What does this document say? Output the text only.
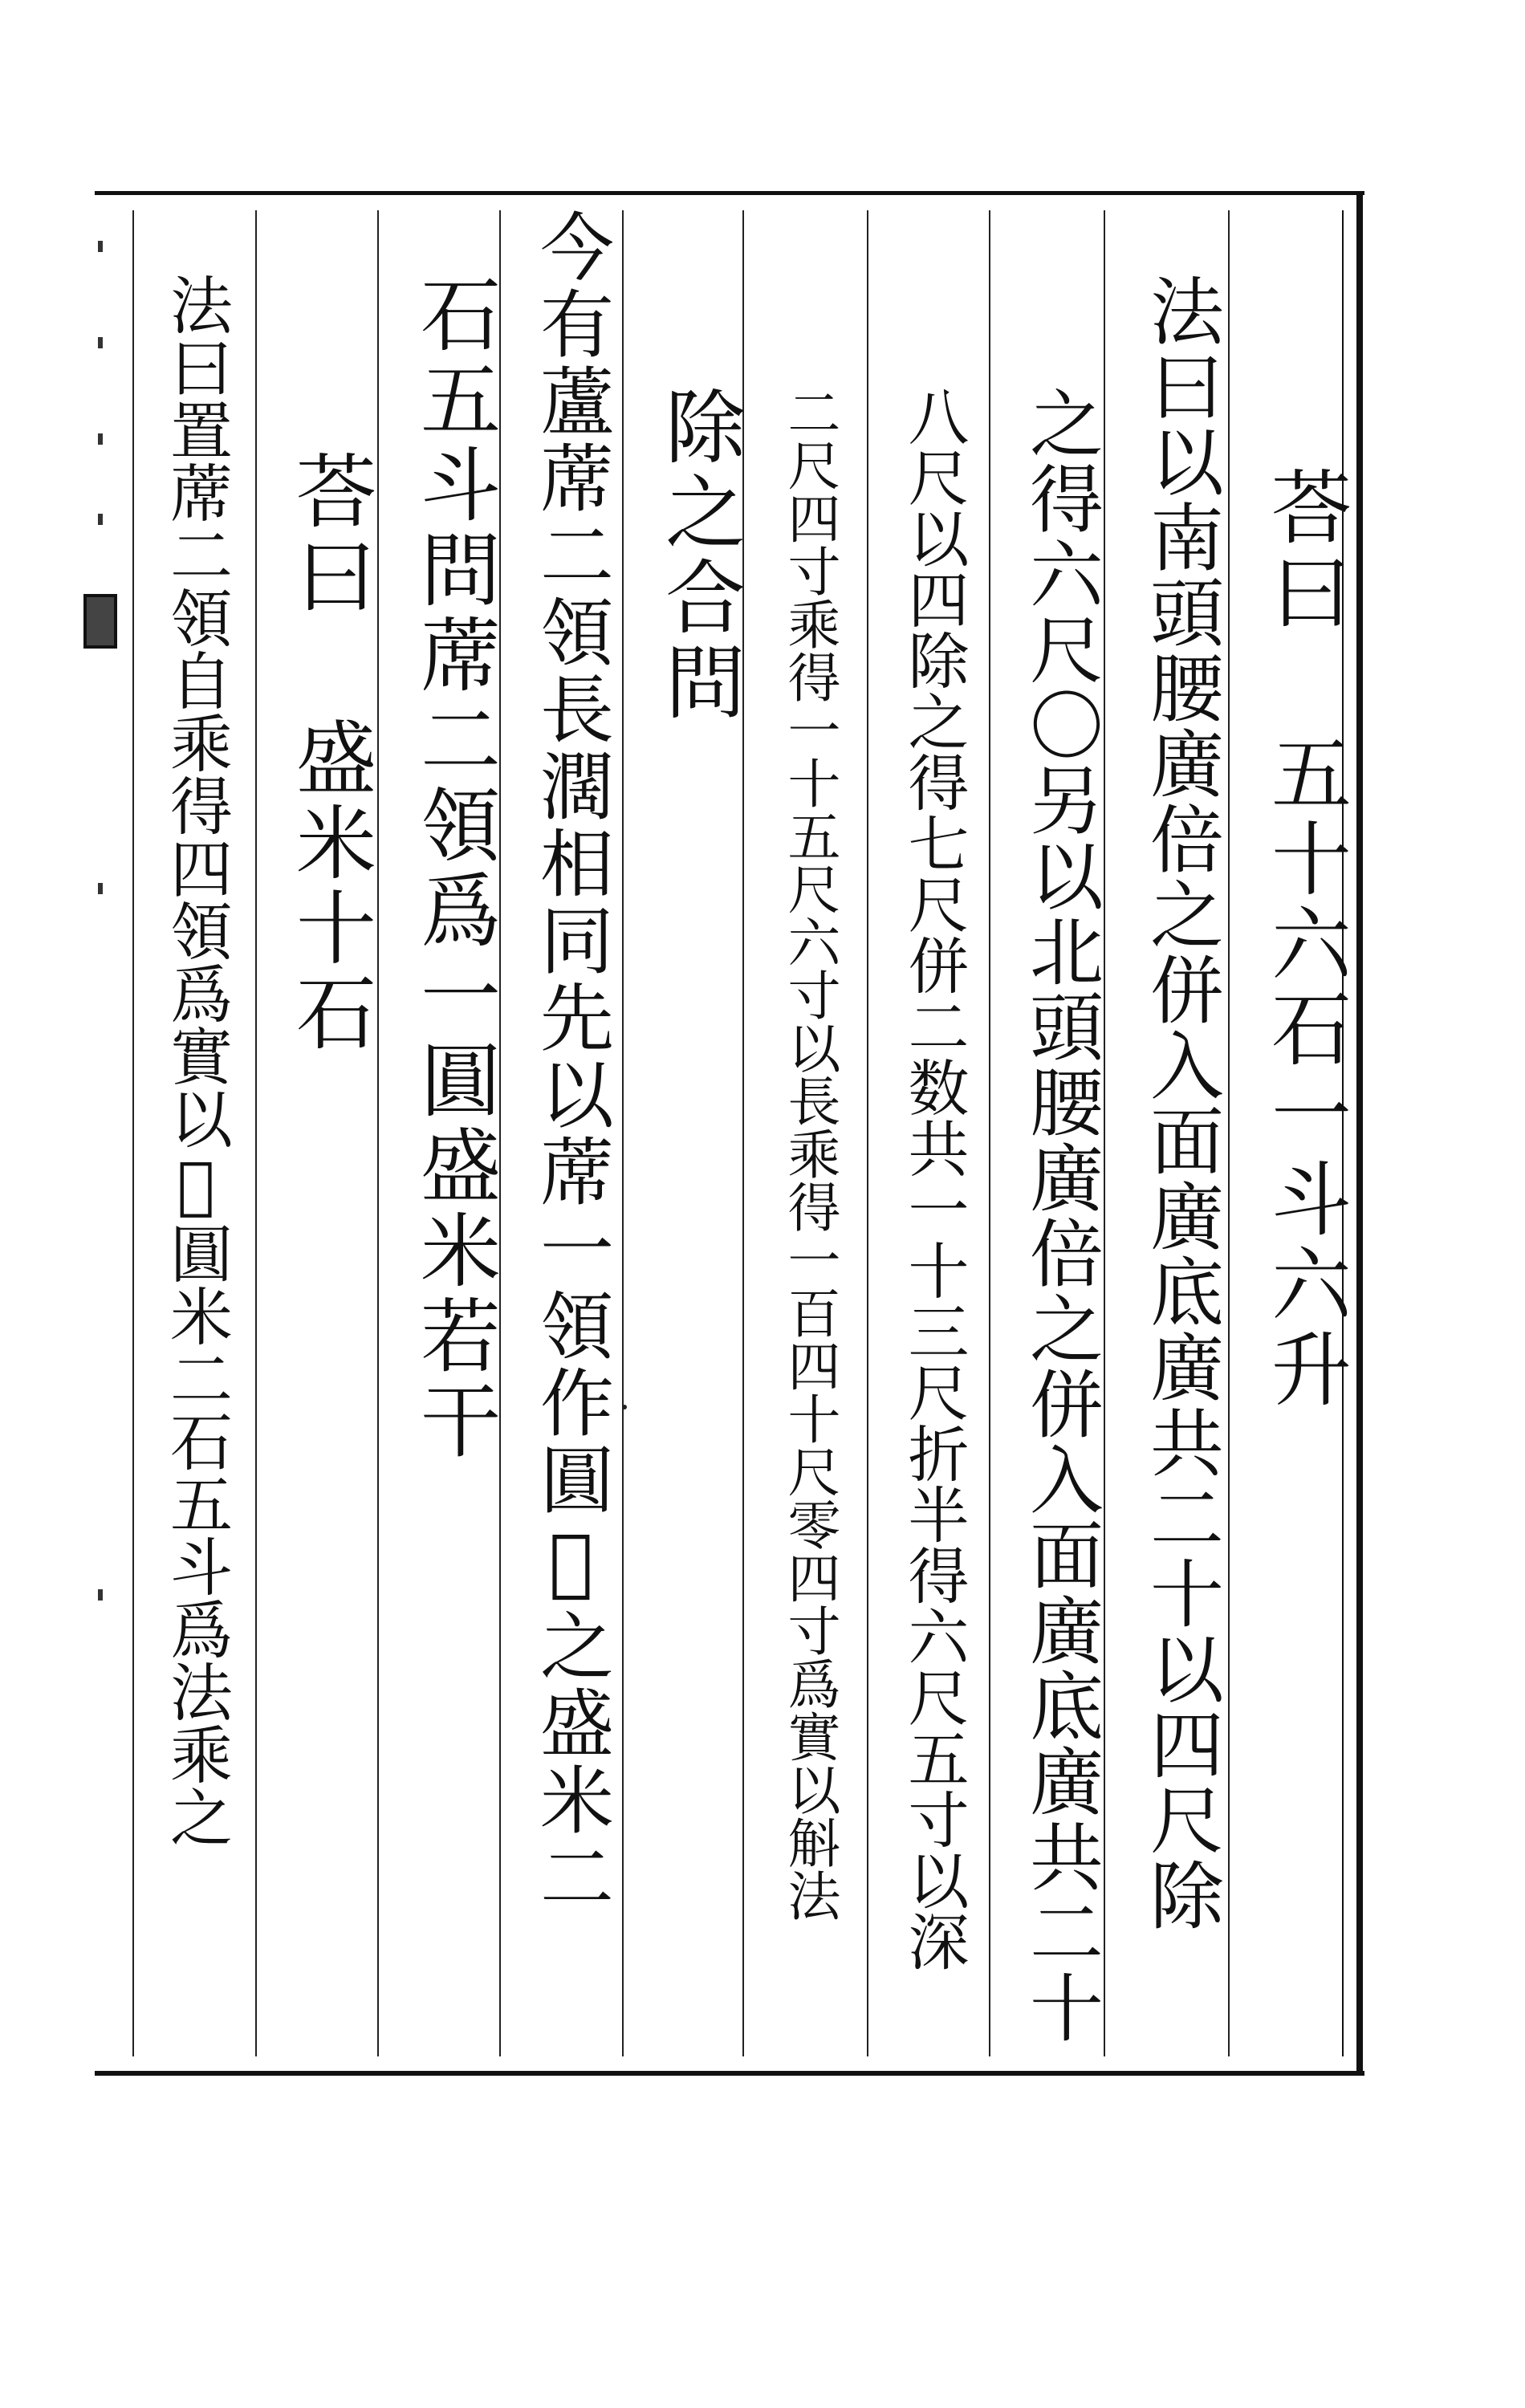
荅曰五十六石一斗六升
法曰以南頭腰廣倍之併入面廣底廣共二十以四尺除
之得六尺〇另以北頭腰廣倍之併入面廣底廣共二十
八尺以四除之得七尺併二数共一十三尺折半得六尺五寸以深
二尺四寸乘得一十五尺六寸以長乘得一百四十尺零四寸爲實以斛法
除之合問
今有蘆蓆二領長濶相同先以蓆一領作圓𥳽之盛米二
石五斗問蓆二領爲一圓盛米若干
荅曰盛米十石
法曰置蓆二領自乘得四領爲實以𥳽圓米二石五斗爲法乘之
